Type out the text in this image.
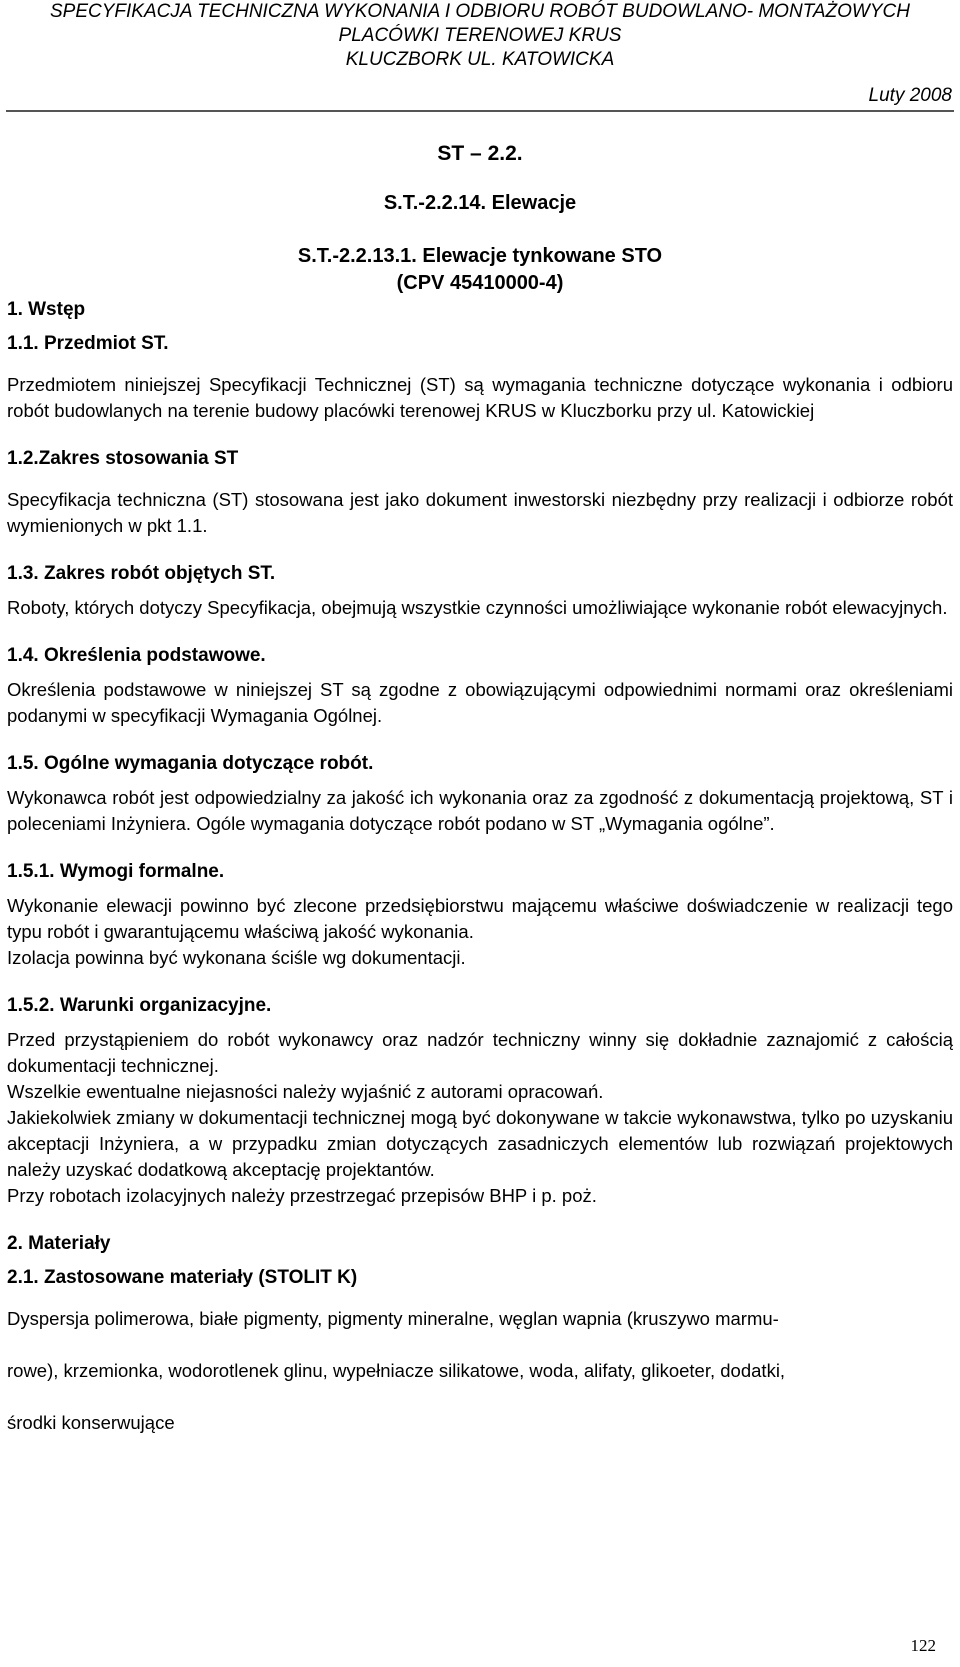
SPECYFIKACJA TECHNICZNA WYKONANIA I ODBIORU ROBÓT BUDOWLANO- MONTAŻOWYCH

PLACÓWKI TERENOWEJ KRUS

KLUCZBORK UL. KATOWICKA

Luty 2008

ST – 2.2.

S.T.-2.2.14. Elewacje

S.T.-2.2.13.1. Elewacje tynkowane STO

(CPV 45410000-4)

1. Wstęp

1.1. Przedmiot ST.

Przedmiotem niniejszej Specyfikacji Technicznej (ST) są wymagania techniczne dotyczące wykonania i odbioru robót budowlanych na terenie budowy placówki terenowej KRUS w Kluczborku przy ul. Katowickiej

1.2.Zakres stosowania ST

Specyfikacja techniczna (ST) stosowana jest jako dokument inwestorski niezbędny przy realizacji i odbiorze robót wymienionych w pkt 1.1.

1.3. Zakres robót objętych ST.

Roboty, których dotyczy Specyfikacja, obejmują wszystkie czynności umożliwiające wykonanie robót elewacyjnych.

1.4. Określenia podstawowe.

Określenia podstawowe w niniejszej ST są zgodne z obowiązującymi odpowiednimi normami oraz określeniami podanymi w specyfikacji Wymagania Ogólnej.

1.5. Ogólne wymagania dotyczące robót.

Wykonawca robót jest odpowiedzialny za jakość ich wykonania oraz za zgodność z dokumentacją projektową, ST i poleceniami Inżyniera. Ogóle wymagania dotyczące robót podano w ST „Wymagania ogólne”.

1.5.1. Wymogi formalne.

Wykonanie elewacji powinno być zlecone przedsiębiorstwu mającemu właściwe doświadczenie w realizacji tego typu robót i gwarantującemu właściwą jakość wykonania.

Izolacja powinna być wykonana ściśle wg dokumentacji.

1.5.2. Warunki organizacyjne.

Przed przystąpieniem do robót wykonawcy oraz nadzór techniczny winny się dokładnie zaznajomić z całością dokumentacji technicznej.

Wszelkie ewentualne niejasności należy wyjaśnić z autorami opracowań.

Jakiekolwiek zmiany w dokumentacji technicznej mogą być dokonywane w takcie wykonawstwa, tylko po uzyskaniu akceptacji Inżyniera, a w przypadku zmian dotyczących zasadniczych elementów lub rozwiązań projektowych należy uzyskać dodatkową akceptację projektantów.

Przy robotach izolacyjnych należy przestrzegać przepisów BHP i p. poż.

2. Materiały

2.1. Zastosowane materiały (STOLIT K)

Dyspersja polimerowa, białe pigmenty, pigmenty mineralne, węglan wapnia (kruszywo marmu-

rowe), krzemionka, wodorotlenek glinu, wypełniacze silikatowe, woda, alifaty, glikoeter, dodatki,

środki konserwujące

122
